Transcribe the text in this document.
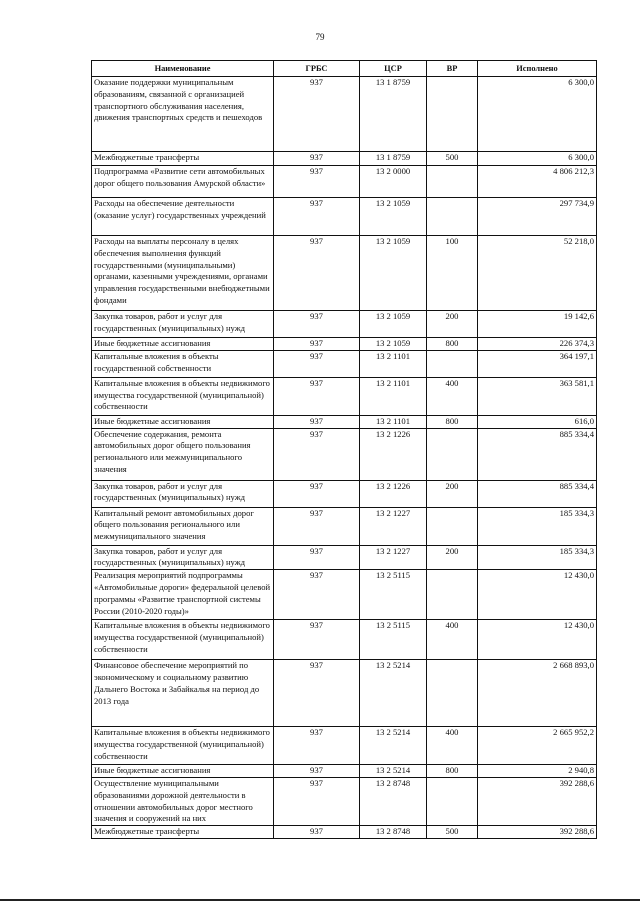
79
Наименование	ГРБС	ЦСР	ВР	Исполнено
Оказание поддержки муниципальным образованиям, связанной с организацией транспортного обслуживания населения, движения транспортных средств и пешеходов	937	13 1 8759		6 300,0
Межбюджетные трансферты	937	13 1 8759	500	6 300,0
Подпрограмма «Развитие сети автомобильных дорог общего пользования Амурской области»	937	13 2 0000		4 806 212,3
Расходы на обеспечение деятельности (оказание услуг) государственных учреждений	937	13 2 1059		297 734,9
Расходы на выплаты персоналу в целях обеспечения выполнения функций государственными (муниципальными) органами, казенными учреждениями, органами управления государственными внебюджетными фондами	937	13 2 1059	100	52 218,0
Закупка товаров, работ и услуг для государственных (муниципальных) нужд	937	13 2 1059	200	19 142,6
Иные бюджетные ассигнования	937	13 2 1059	800	226 374,3
Капитальные вложения в объекты государственной собственности	937	13 2 1101		364 197,1
Капитальные вложения в объекты недвижимого имущества государственной (муниципальной) собственности	937	13 2 1101	400	363 581,1
Иные бюджетные ассигнования	937	13 2 1101	800	616,0
Обеспечение содержания, ремонта автомобильных дорог общего пользования регионального или межмуниципального значения	937	13 2 1226		885 334,4
Закупка товаров, работ и услуг для государственных (муниципальных) нужд	937	13 2 1226	200	885 334,4
Капитальный ремонт автомобильных дорог общего пользования регионального или межмуниципального значения	937	13 2 1227		185 334,3
Закупка товаров, работ и услуг для государственных (муниципальных) нужд	937	13 2 1227	200	185 334,3
Реализация мероприятий подпрограммы «Автомобильные дороги» федеральной целевой программы «Развитие транспортной системы России (2010-2020 годы)»	937	13 2 5115		12 430,0
Капитальные вложения в объекты недвижимого имущества государственной (муниципальной) собственности	937	13 2 5115	400	12 430,0
Финансовое обеспечение мероприятий по экономическому и социальному развитию Дальнего Востока и Забайкалья на период до 2013 года	937	13 2 5214		2 668 893,0
Капитальные вложения в объекты недвижимого имущества государственной (муниципальной) собственности	937	13 2 5214	400	2 665 952,2
Иные бюджетные ассигнования	937	13 2 5214	800	2 940,8
Осуществление муниципальными образованиями дорожной деятельности в отношении автомобильных дорог местного значения и сооружений на них	937	13 2 8748		392 288,6
Межбюджетные трансферты	937	13 2 8748	500	392 288,6
